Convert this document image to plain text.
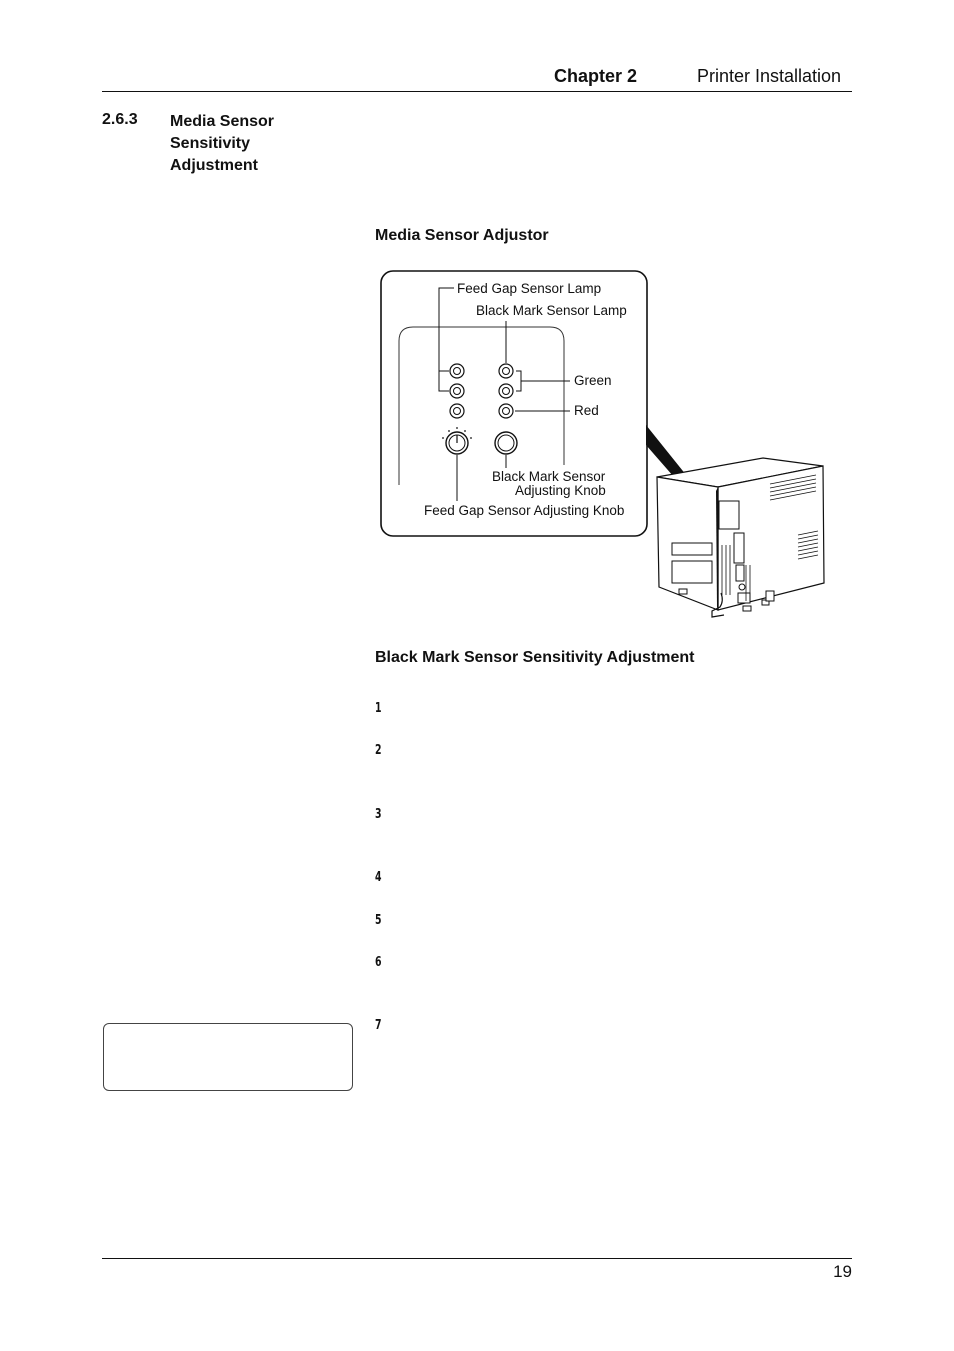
Chapter 2	Printer Installation
2.6.3 Media Sensor Sensitivity Adjustment
Media Sensor Adjustor
Feed Gap Sensor Lamp
Black Mark Sensor Lamp
Green
Red
Black Mark Sensor
Adjusting Knob
Feed Gap Sensor Adjusting Knob
Black Mark Sensor Sensitivity Adjustment
1
2
3
4
5
6
7
19
